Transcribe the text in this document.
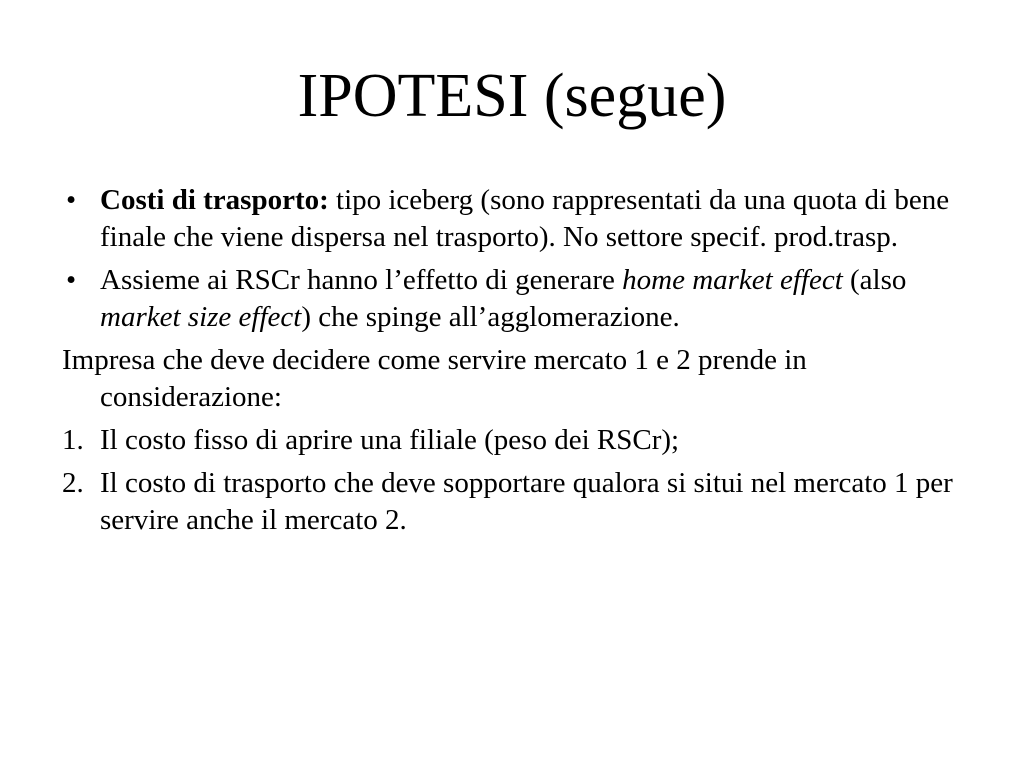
IPOTESI (segue)

• Costi di trasporto: tipo iceberg (sono rappresentati da una quota di bene finale che viene dispersa nel trasporto). No settore specif. prod.trasp.

• Assieme ai RSCr hanno l’effetto di generare home market effect (also market size effect) che spinge all’agglomerazione.

Impresa che deve decidere come servire mercato 1 e 2 prende in considerazione:

1. Il costo fisso di aprire una filiale (peso dei RSCr);

2. Il costo di trasporto che deve sopportare qualora si situi nel mercato 1 per servire anche il mercato 2.
